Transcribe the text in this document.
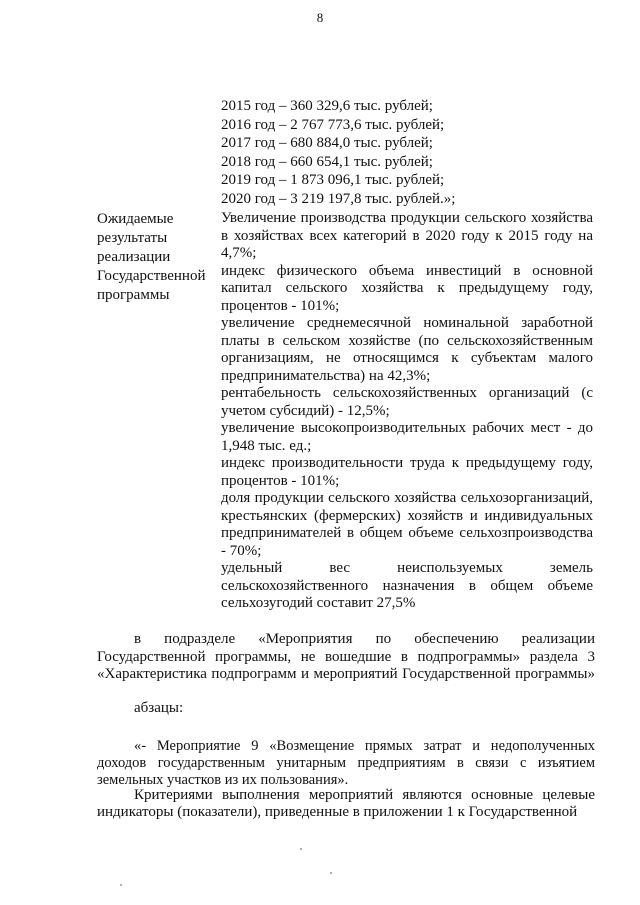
8
2015 год – 360 329,6 тыс. рублей;
2016 год – 2 767 773,6 тыс. рублей;
2017 год – 680 884,0 тыс. рублей;
2018 год – 660 654,1 тыс. рублей;
2019 год – 1 873 096,1 тыс. рублей;
2020 год – 3 219 197,8 тыс. рублей.»;
Ожидаемые
результаты
реализации
Государственной
программы

Увеличение производства продукции сельского хозяйства в хозяйствах всех категорий в 2020 году к 2015 году на 4,7%;

индекс физического объема инвестиций в основной капитал сельского хозяйства к предыдущему году, процентов - 101%;

увеличение среднемесячной номинальной заработной платы в сельском хозяйстве (по сельскохозяйственным организациям, не относящимся к субъектам малого предпринимательства) на 42,3%;

рентабельность сельскохозяйственных организаций (с учетом субсидий) - 12,5%;

увеличение высокопроизводительных рабочих мест - до 1,948 тыс. ед.;

индекс производительности труда к предыдущему году, процентов - 101%;

доля продукции сельского хозяйства сельхозорганизаций, крестьянских (фермерских) хозяйств и индивидуальных предпринимателей в общем объеме сельхозпроизводства - 70%;

удельный вес неиспользуемых земель

сельскохозяйственного назначения в общем объеме

сельхозугодий составит 27,5%

в подразделе «Мероприятия по обеспечению реализации
Государственной программы, не вошедшие в подпрограммы» раздела 3
«Характеристика подпрограмм и мероприятий Государственной программы»
абзацы:

«- Мероприятие 9 «Возмещение прямых затрат и недополученных доходов государственным унитарным предприятиям в связи с изъятием земельных участков из их пользования».

Критериями выполнения мероприятий являются основные целевые индикаторы (показатели), приведенные в приложении 1 к Государственной
